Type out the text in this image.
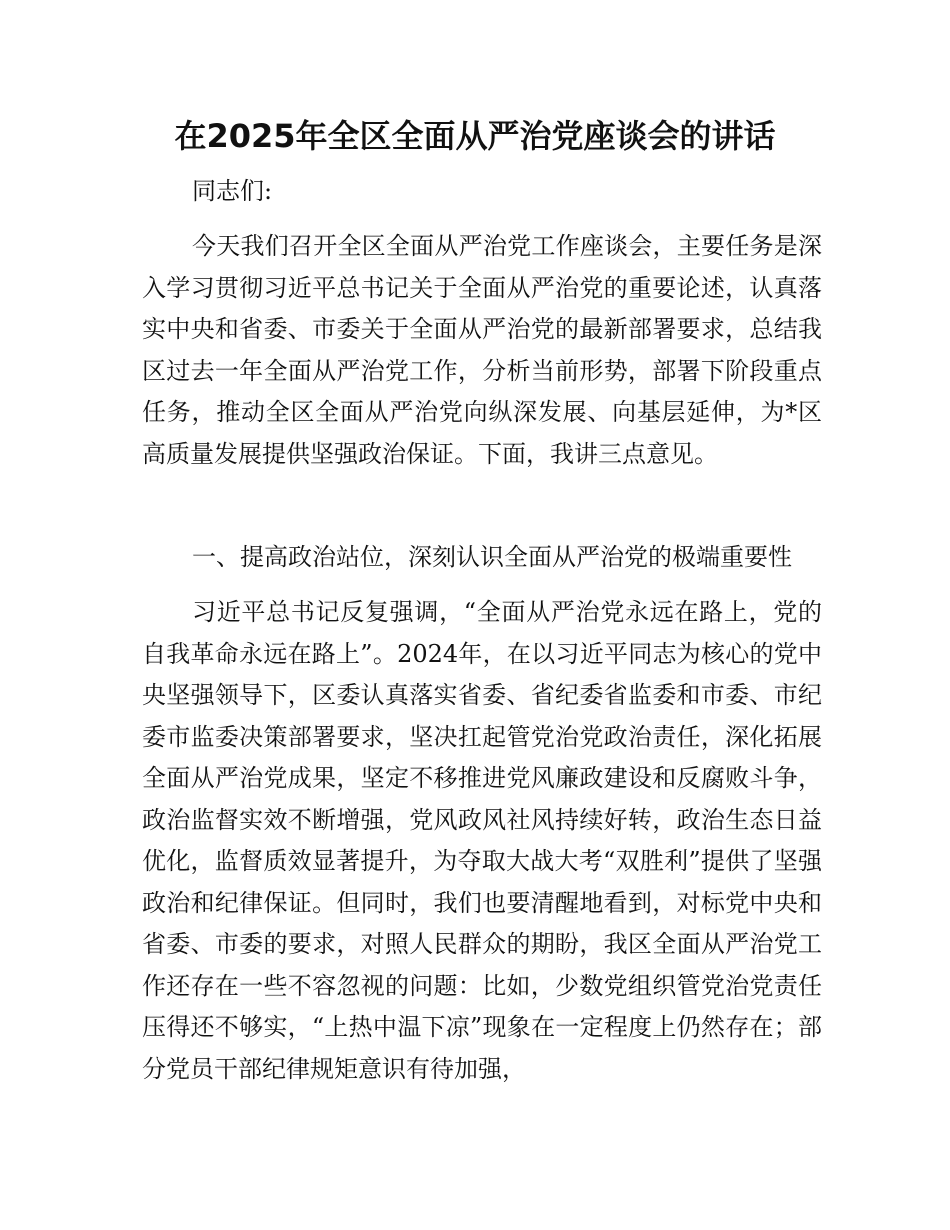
在2025年全区全面从严治党座谈会的讲话

同志们:

今天我们召开全区全面从严治党工作座谈会，主要任务是深入学习贯彻习近平总书记关于全面从严治党的重要论述，认真落实中央和省委、市委关于全面从严治党的最新部署要求，总结我区过去一年全面从严治党工作，分析当前形势，部署下阶段重点任务，推动全区全面从严治党向纵深发展、向基层延伸，为*区高质量发展提供坚强政治保证。下面，我讲三点意见。

一、提高政治站位，深刻认识全面从严治党的极端重要性

习近平总书记反复强调，“全面从严治党永远在路上，党的自我革命永远在路上”。2024年，在以习近平同志为核心的党中央坚强领导下，区委认真落实省委、省纪委省监委和市委、市纪委市监委决策部署要求，坚决扛起管党治党政治责任，深化拓展全面从严治党成果，坚定不移推进党风廉政建设和反腐败斗争，政治监督实效不断增强，党风政风社风持续好转，政治生态日益优化，监督质效显著提升，为夺取大战大考“双胜利”提供了坚强政治和纪律保证。但同时，我们也要清醒地看到，对标党中央和省委、市委的要求，对照人民群众的期盼，我区全面从严治党工作还存在一些不容忽视的问题：比如，少数党组织管党治党责任压得还不够实，“上热中温下凉”现象在一定程度上仍然存在；部分党员干部纪律规矩意识有待加强，
